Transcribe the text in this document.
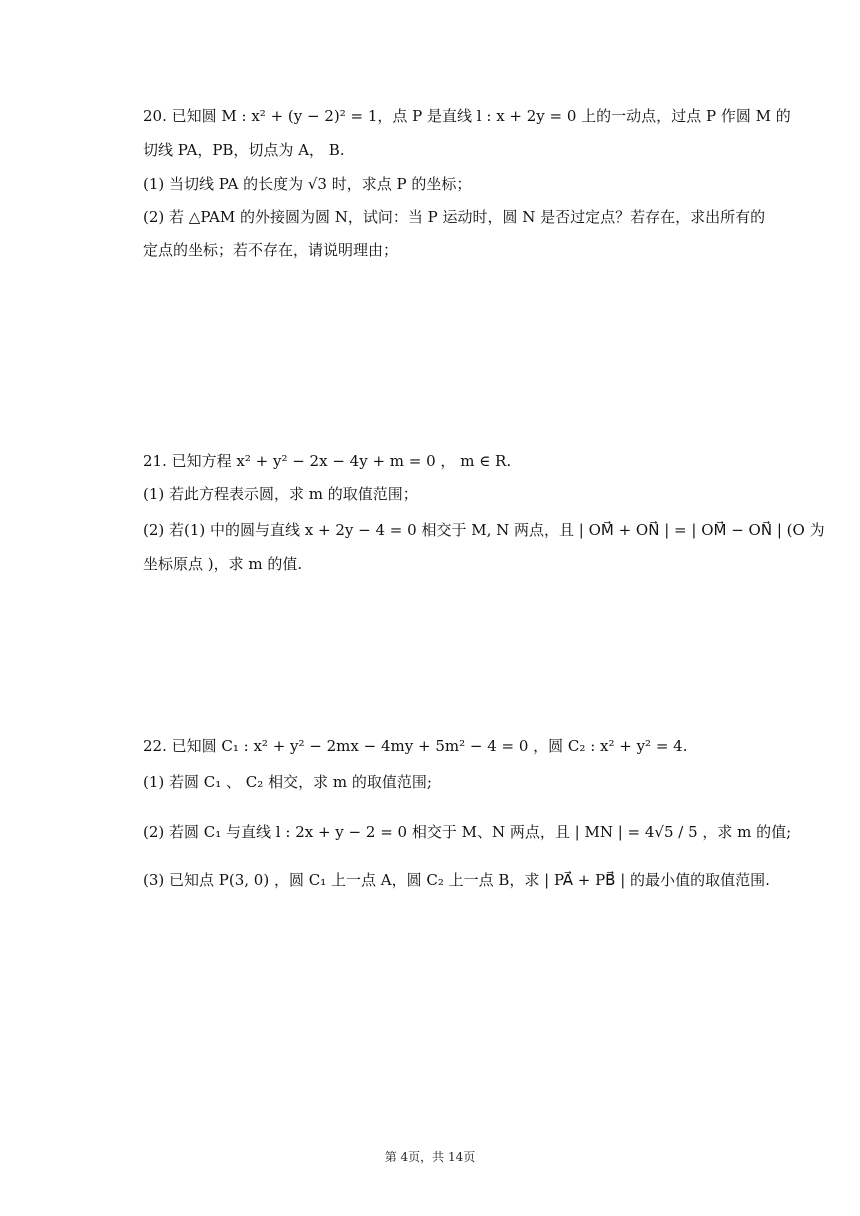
20. 已知圆 M : x² + (y − 2)² = 1，点 P 是直线 l : x + 2y = 0 上的一动点，过点 P 作圆 M 的
切线 PA，PB，切点为 A， B.
(1) 当切线 PA 的长度为 √3 时，求点 P 的坐标；
(2) 若 △PAM 的外接圆为圆 N，试问：当 P 运动时，圆 N 是否过定点？若存在，求出所有的
定点的坐标；若不存在，请说明理由；
21. 已知方程 x² + y² − 2x − 4y + m = 0 ， m ∈ R.
(1) 若此方程表示圆，求 m 的取值范围；
(2) 若(1) 中的圆与直线 x + 2y − 4 = 0 相交于 M, N 两点，且 | OM⃗ + ON⃗ | = | OM⃗ − ON⃗ | (O 为
坐标原点 )，求 m 的值.
22. 已知圆 C₁ : x² + y² − 2mx − 4my + 5m² − 4 = 0 ，圆 C₂ : x² + y² = 4.
(1) 若圆 C₁ 、 C₂ 相交，求 m 的取值范围;
(2) 若圆 C₁ 与直线 l : 2x + y − 2 = 0 相交于 M、N 两点，且 | MN | = 4√5 / 5 ，求 m 的值;
(3) 已知点 P(3, 0) ，圆 C₁ 上一点 A，圆 C₂ 上一点 B，求 | PA⃗ + PB⃗ | 的最小值的取值范围.
第 4页，共 14页
